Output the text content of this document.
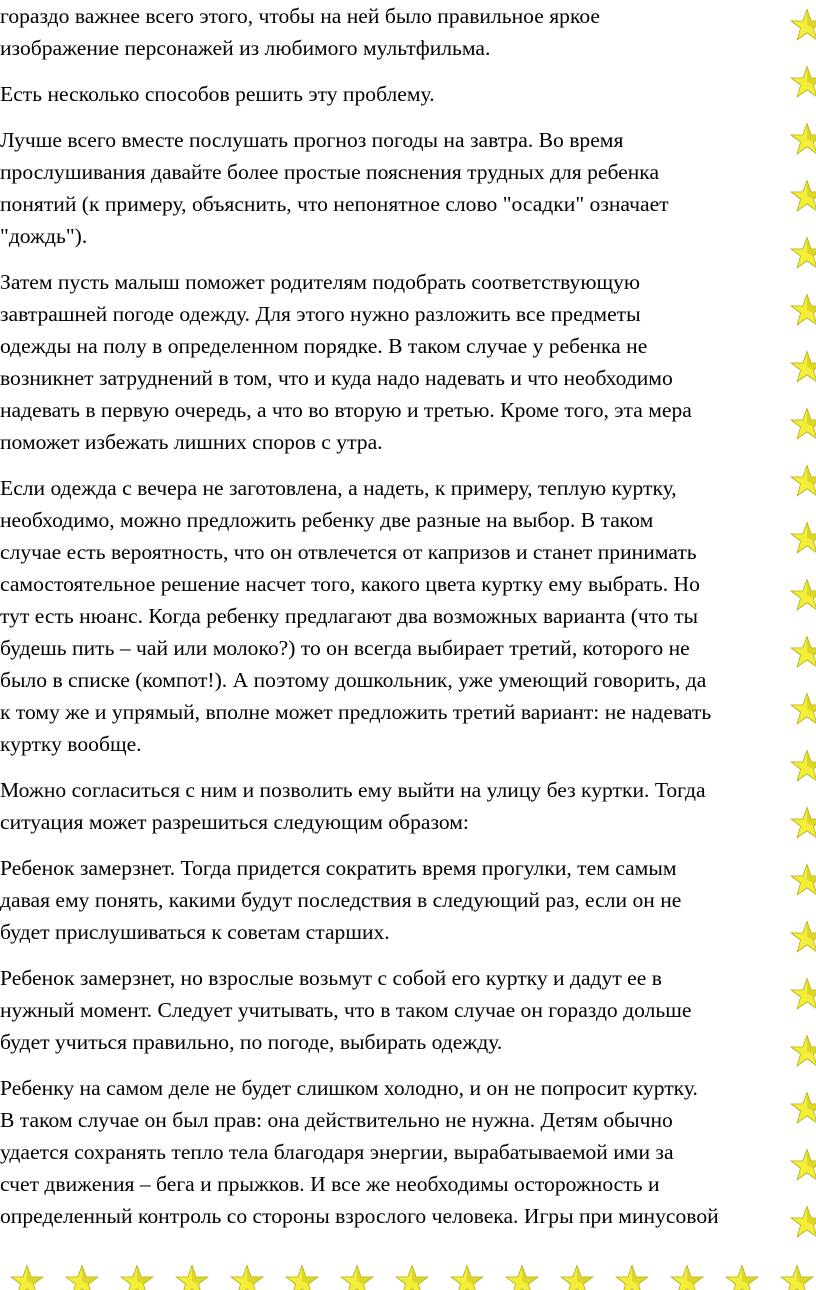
гораздо важнее всего этого, чтобы на ней было правильное яркое
изображение персонажей из любимого мультфильма.

Есть несколько способов решить эту проблему.

Лучше всего вместе послушать прогноз погоды на завтра. Во время
прослушивания давайте более простые пояснения трудных для ребенка
понятий (к примеру, объяснить, что непонятное слово "осадки" означает
"дождь").

Затем пусть малыш поможет родителям подобрать соответствующую
завтрашней погоде одежду. Для этого нужно разложить все предметы
одежды на полу в определенном порядке. В таком случае у ребенка не
возникнет затруднений в том, что и куда надо надевать и что необходимо
надевать в первую очередь, а что во вторую и третью. Кроме того, эта мера
поможет избежать лишних споров с утра.

Если одежда с вечера не заготовлена, а надеть, к примеру, теплую куртку,
необходимо, можно предложить ребенку две разные на выбор. В таком
случае есть вероятность, что он отвлечется от капризов и станет принимать
самостоятельное решение насчет того, какого цвета куртку ему выбрать. Но
тут есть нюанс. Когда ребенку предлагают два возможных варианта (что ты
будешь пить – чай или молоко?) то он всегда выбирает третий, которого не
было в списке (компот!). А поэтому дошкольник, уже умеющий говорить, да
к тому же и упрямый, вполне может предложить третий вариант: не надевать
куртку вообще.

Можно согласиться с ним и позволить ему выйти на улицу без куртки. Тогда
ситуация может разрешиться следующим образом:

Ребенок замерзнет. Тогда придется сократить время прогулки, тем самым
давая ему понять, какими будут последствия в следующий раз, если он не
будет прислушиваться к советам старших.

Ребенок замерзнет, но взрослые возьмут с собой его куртку и дадут ее в
нужный момент. Следует учитывать, что в таком случае он гораздо дольше
будет учиться правильно, по погоде, выбирать одежду.

Ребенку на самом деле не будет слишком холодно, и он не попросит куртку.
В таком случае он был прав: она действительно не нужна. Детям обычно
удается сохранять тепло тела благодаря энергии, вырабатываемой ими за
счет движения – бега и прыжков. И все же необходимы осторожность и
определенный контроль со стороны взрослого человека. Игры при минусовой
